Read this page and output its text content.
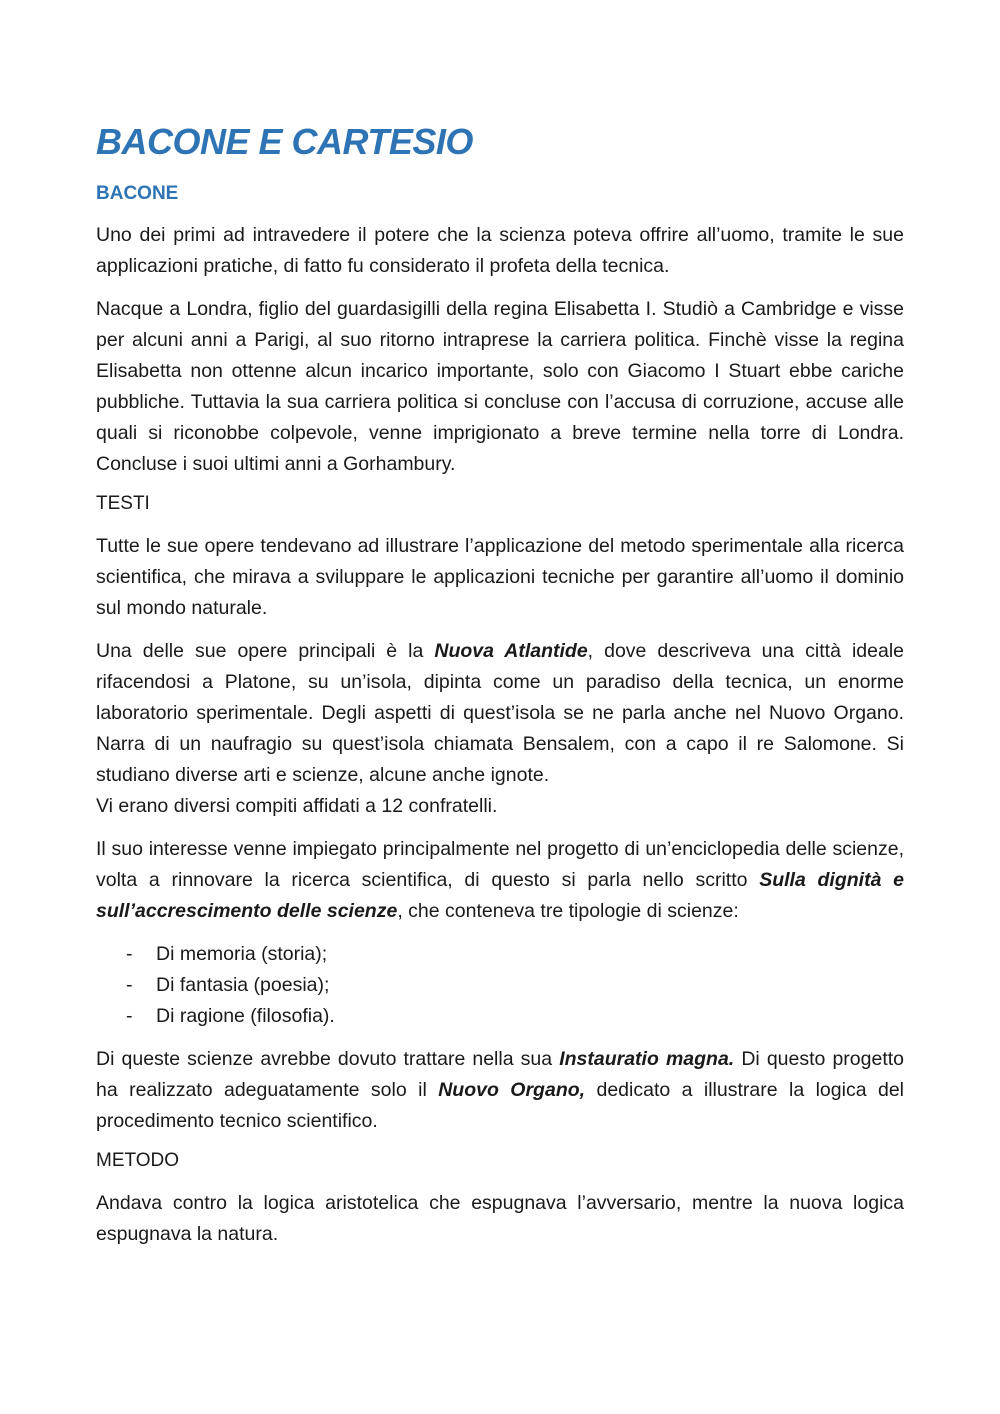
BACONE E CARTESIO
BACONE

Uno dei primi ad intravedere il potere che la scienza poteva offrire all’uomo, tramite le sue applicazioni pratiche, di fatto fu considerato il profeta della tecnica.

Nacque a Londra, figlio del guardasigilli della regina Elisabetta I. Studiò a Cambridge e visse per alcuni anni a Parigi, al suo ritorno intraprese la carriera politica. Finchè visse la regina Elisabetta non ottenne alcun incarico importante, solo con Giacomo I Stuart ebbe cariche pubbliche. Tuttavia la sua carriera politica si concluse con l’accusa di corruzione, accuse alle quali si riconobbe colpevole, venne imprigionato a breve termine nella torre di Londra. Concluse i suoi ultimi anni a Gorhambury.

TESTI

Tutte le sue opere tendevano ad illustrare l’applicazione del metodo sperimentale alla ricerca scientifica, che mirava a sviluppare le applicazioni tecniche per garantire all’uomo il dominio sul mondo naturale.

Una delle sue opere principali è la Nuova Atlantide, dove descriveva una città ideale rifacendosi a Platone, su un’isola, dipinta come un paradiso della tecnica, un enorme laboratorio sperimentale. Degli aspetti di quest’isola se ne parla anche nel Nuovo Organo. Narra di un naufragio su quest’isola chiamata Bensalem, con a capo il re Salomone. Si studiano diverse arti e scienze, alcune anche ignote.
Vi erano diversi compiti affidati a 12 confratelli.

Il suo interesse venne impiegato principalmente nel progetto di un’enciclopedia delle scienze, volta a rinnovare la ricerca scientifica, di questo si parla nello scritto Sulla dignità e sull’accrescimento delle scienze, che conteneva tre tipologie di scienze:

- Di memoria (storia);
- Di fantasia (poesia);
- Di ragione (filosofia).

Di queste scienze avrebbe dovuto trattare nella sua Instauratio magna. Di questo progetto ha realizzato adeguatamente solo il Nuovo Organo, dedicato a illustrare la logica del procedimento tecnico scientifico.

METODO

Andava contro la logica aristotelica che espugnava l’avversario, mentre la nuova logica espugnava la natura.
